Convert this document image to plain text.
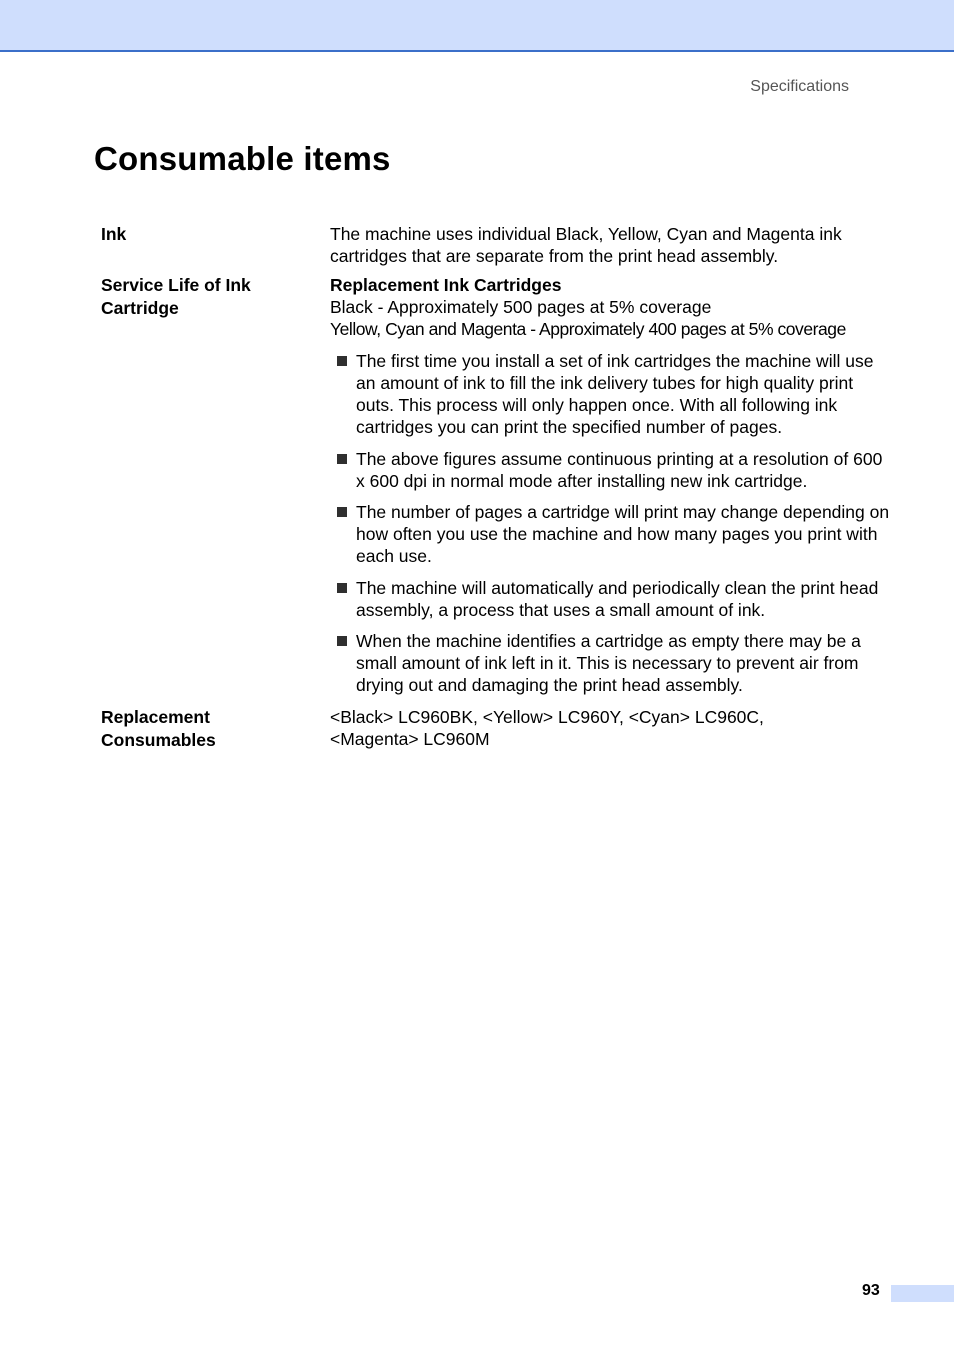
Specifications
Consumable items
Ink	The machine uses individual Black, Yellow, Cyan and Magenta ink
cartridges that are separate from the print head assembly.
Service Life of Ink
Cartridge
Replacement Ink Cartridges
Black - Approximately 500 pages at 5% coverage
Yellow, Cyan and Magenta - Approximately 400 pages at 5% coverage
The first time you install a set of ink cartridges the machine will use an amount of ink to fill the ink delivery tubes for high quality print outs. This process will only happen once. With all following ink cartridges you can print the specified number of pages.
The above figures assume continuous printing at a resolution of 600 x 600 dpi in normal mode after installing new ink cartridge.
The number of pages a cartridge will print may change depending on how often you use the machine and how many pages you print with each use.
The machine will automatically and periodically clean the print head assembly, a process that uses a small amount of ink.
When the machine identifies a cartridge as empty there may be a small amount of ink left in it. This is necessary to prevent air from drying out and damaging the print head assembly.
Replacement
Consumables
<Black> LC960BK, <Yellow> LC960Y, <Cyan> LC960C,
<Magenta> LC960M
93
